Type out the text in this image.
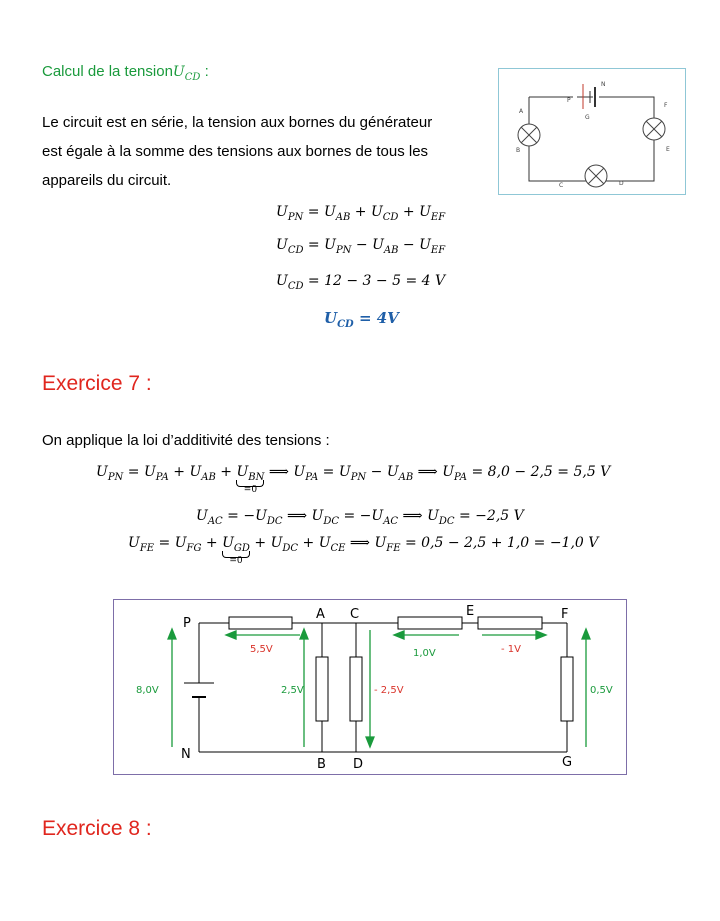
Calcul de la tensionU$_{CD}$ :
Le circuit est en série, la tension aux bornes du générateur
est égale à la somme des tensions aux bornes de tous les
appareils du circuit.
$U_{PN} = U_{AB} + U_{CD} + U_{EF}$
$U_{CD} = U_{PN} - U_{AB} - U_{EF}$
$U_{CD} = 12 - 3 - 5 = 4$ V
$U_{CD} = 4V$
A
B
C	D
E
F
G
N
P
Exercice 7 :
On applique la loi d’additivité des tensions :
$U_{PN} = U_{PA} + U_{AB} + U_{BN}$
=0
⟹ $U_{PA} = U_{PN} - U_{AB}$ ⟹ $U_{PA} = 8,0 - 2,5 = 5,5$ V
$U_{AC} = -U_{DC}$ ⟹ $U_{DC} = -U_{AC}$ ⟹ $U_{DC} = -2,5$ V
$U_{FE} = U_{FG} + U_{GD}$
=0
+ $U_{DC} + U_{CE}$ ⟹ $U_{FE} = 0,5 - 2,5 + 1,0 = -1,0$ V
P
N
A C
B D
E	F
G
8,0V
5,5V
2,5V	- 2,5V
1,0V	- 1V
0,5V
Exercice 8 :
